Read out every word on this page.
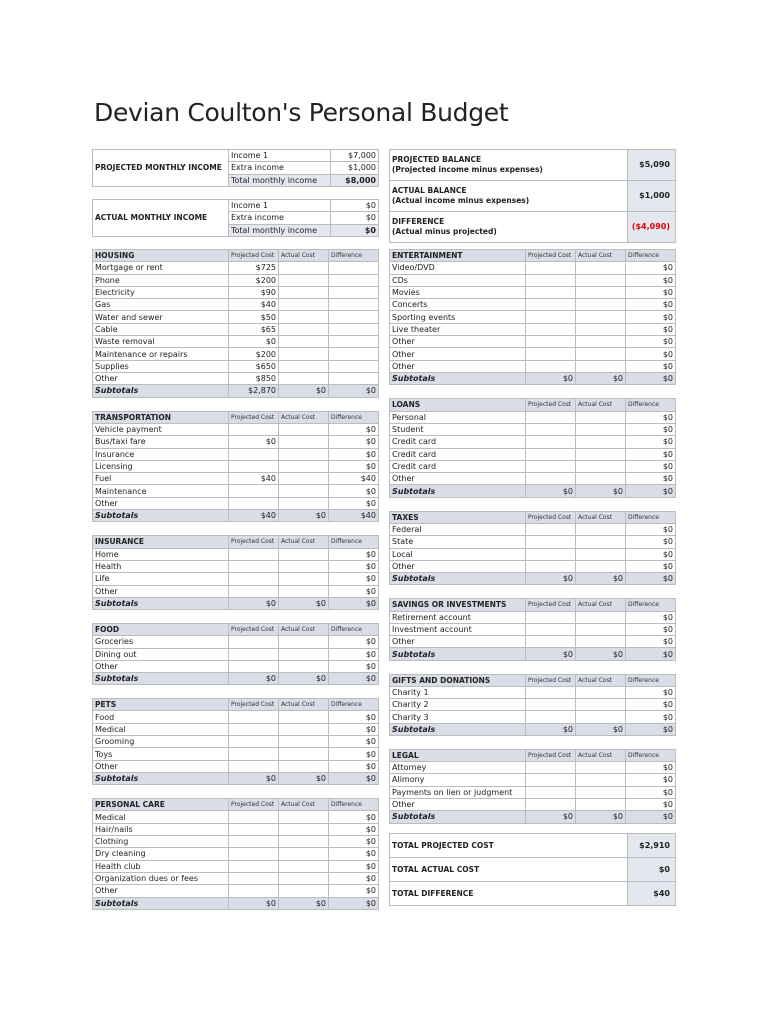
Devian Coulton's Personal Budget
PROJECTED MONTHLY INCOME	Income 1	$7,000
	Extra income	$1,000
	Total monthly income	$8,000
ACTUAL MONTHLY INCOME	Income 1	$0
	Extra income	$0
	Total monthly income	$0
PROJECTED BALANCE
(Projected income minus expenses)	$5,090
ACTUAL BALANCE
(Actual income minus expenses)	$1,000
DIFFERENCE
(Actual minus projected)	($4,090)
HOUSING	Projected Cost	Actual Cost	Difference
Mortgage or rent	$725		
Phone	$200		
Electricity	$90		
Gas	$40		
Water and sewer	$50		
Cable	$65		
Waste removal	$0		
Maintenance or repairs	$200		
Supplies	$650		
Other	$850		
Subtotals	$2,870	$0	$0
TRANSPORTATION	Projected Cost	Actual Cost	Difference
Vehicle payment			$0
Bus/taxi fare	$0		$0
Insurance			$0
Licensing			$0
Fuel	$40		$40
Maintenance			$0
Other			$0
Subtotals	$40	$0	$40
INSURANCE	Projected Cost	Actual Cost	Difference
Home			$0
Health			$0
Life			$0
Other			$0
Subtotals	$0	$0	$0
FOOD	Projected Cost	Actual Cost	Difference
Groceries			$0
Dining out			$0
Other			$0
Subtotals	$0	$0	$0
PETS	Projected Cost	Actual Cost	Difference
Food			$0
Medical			$0
Grooming			$0
Toys			$0
Other			$0
Subtotals	$0	$0	$0
PERSONAL CARE	Projected Cost	Actual Cost	Difference
Medical			$0
Hair/nails			$0
Clothing			$0
Dry cleaning			$0
Health club			$0
Organization dues or fees			$0
Other			$0
Subtotals	$0	$0	$0
ENTERTAINMENT	Projected Cost	Actual Cost	Difference
Video/DVD			$0
CDs			$0
Movies			$0
Concerts			$0
Sporting events			$0
Live theater			$0
Other			$0
Other			$0
Other			$0
Subtotals	$0	$0	$0
LOANS	Projected Cost	Actual Cost	Difference
Personal			$0
Student			$0
Credit card			$0
Credit card			$0
Credit card			$0
Other			$0
Subtotals	$0	$0	$0
TAXES	Projected Cost	Actual Cost	Difference
Federal			$0
State			$0
Local			$0
Other			$0
Subtotals	$0	$0	$0
SAVINGS OR INVESTMENTS	Projected Cost	Actual Cost	Difference
Retirement account			$0
Investment account			$0
Other			$0
Subtotals	$0	$0	$0
GIFTS AND DONATIONS	Projected Cost	Actual Cost	Difference
Charity 1			$0
Charity 2			$0
Charity 3			$0
Subtotals	$0	$0	$0
LEGAL	Projected Cost	Actual Cost	Difference
Attorney			$0
Alimony			$0
Payments on lien or judgment			$0
Other			$0
Subtotals	$0	$0	$0
TOTAL PROJECTED COST	$2,910
TOTAL ACTUAL COST	$0
TOTAL DIFFERENCE	$40
